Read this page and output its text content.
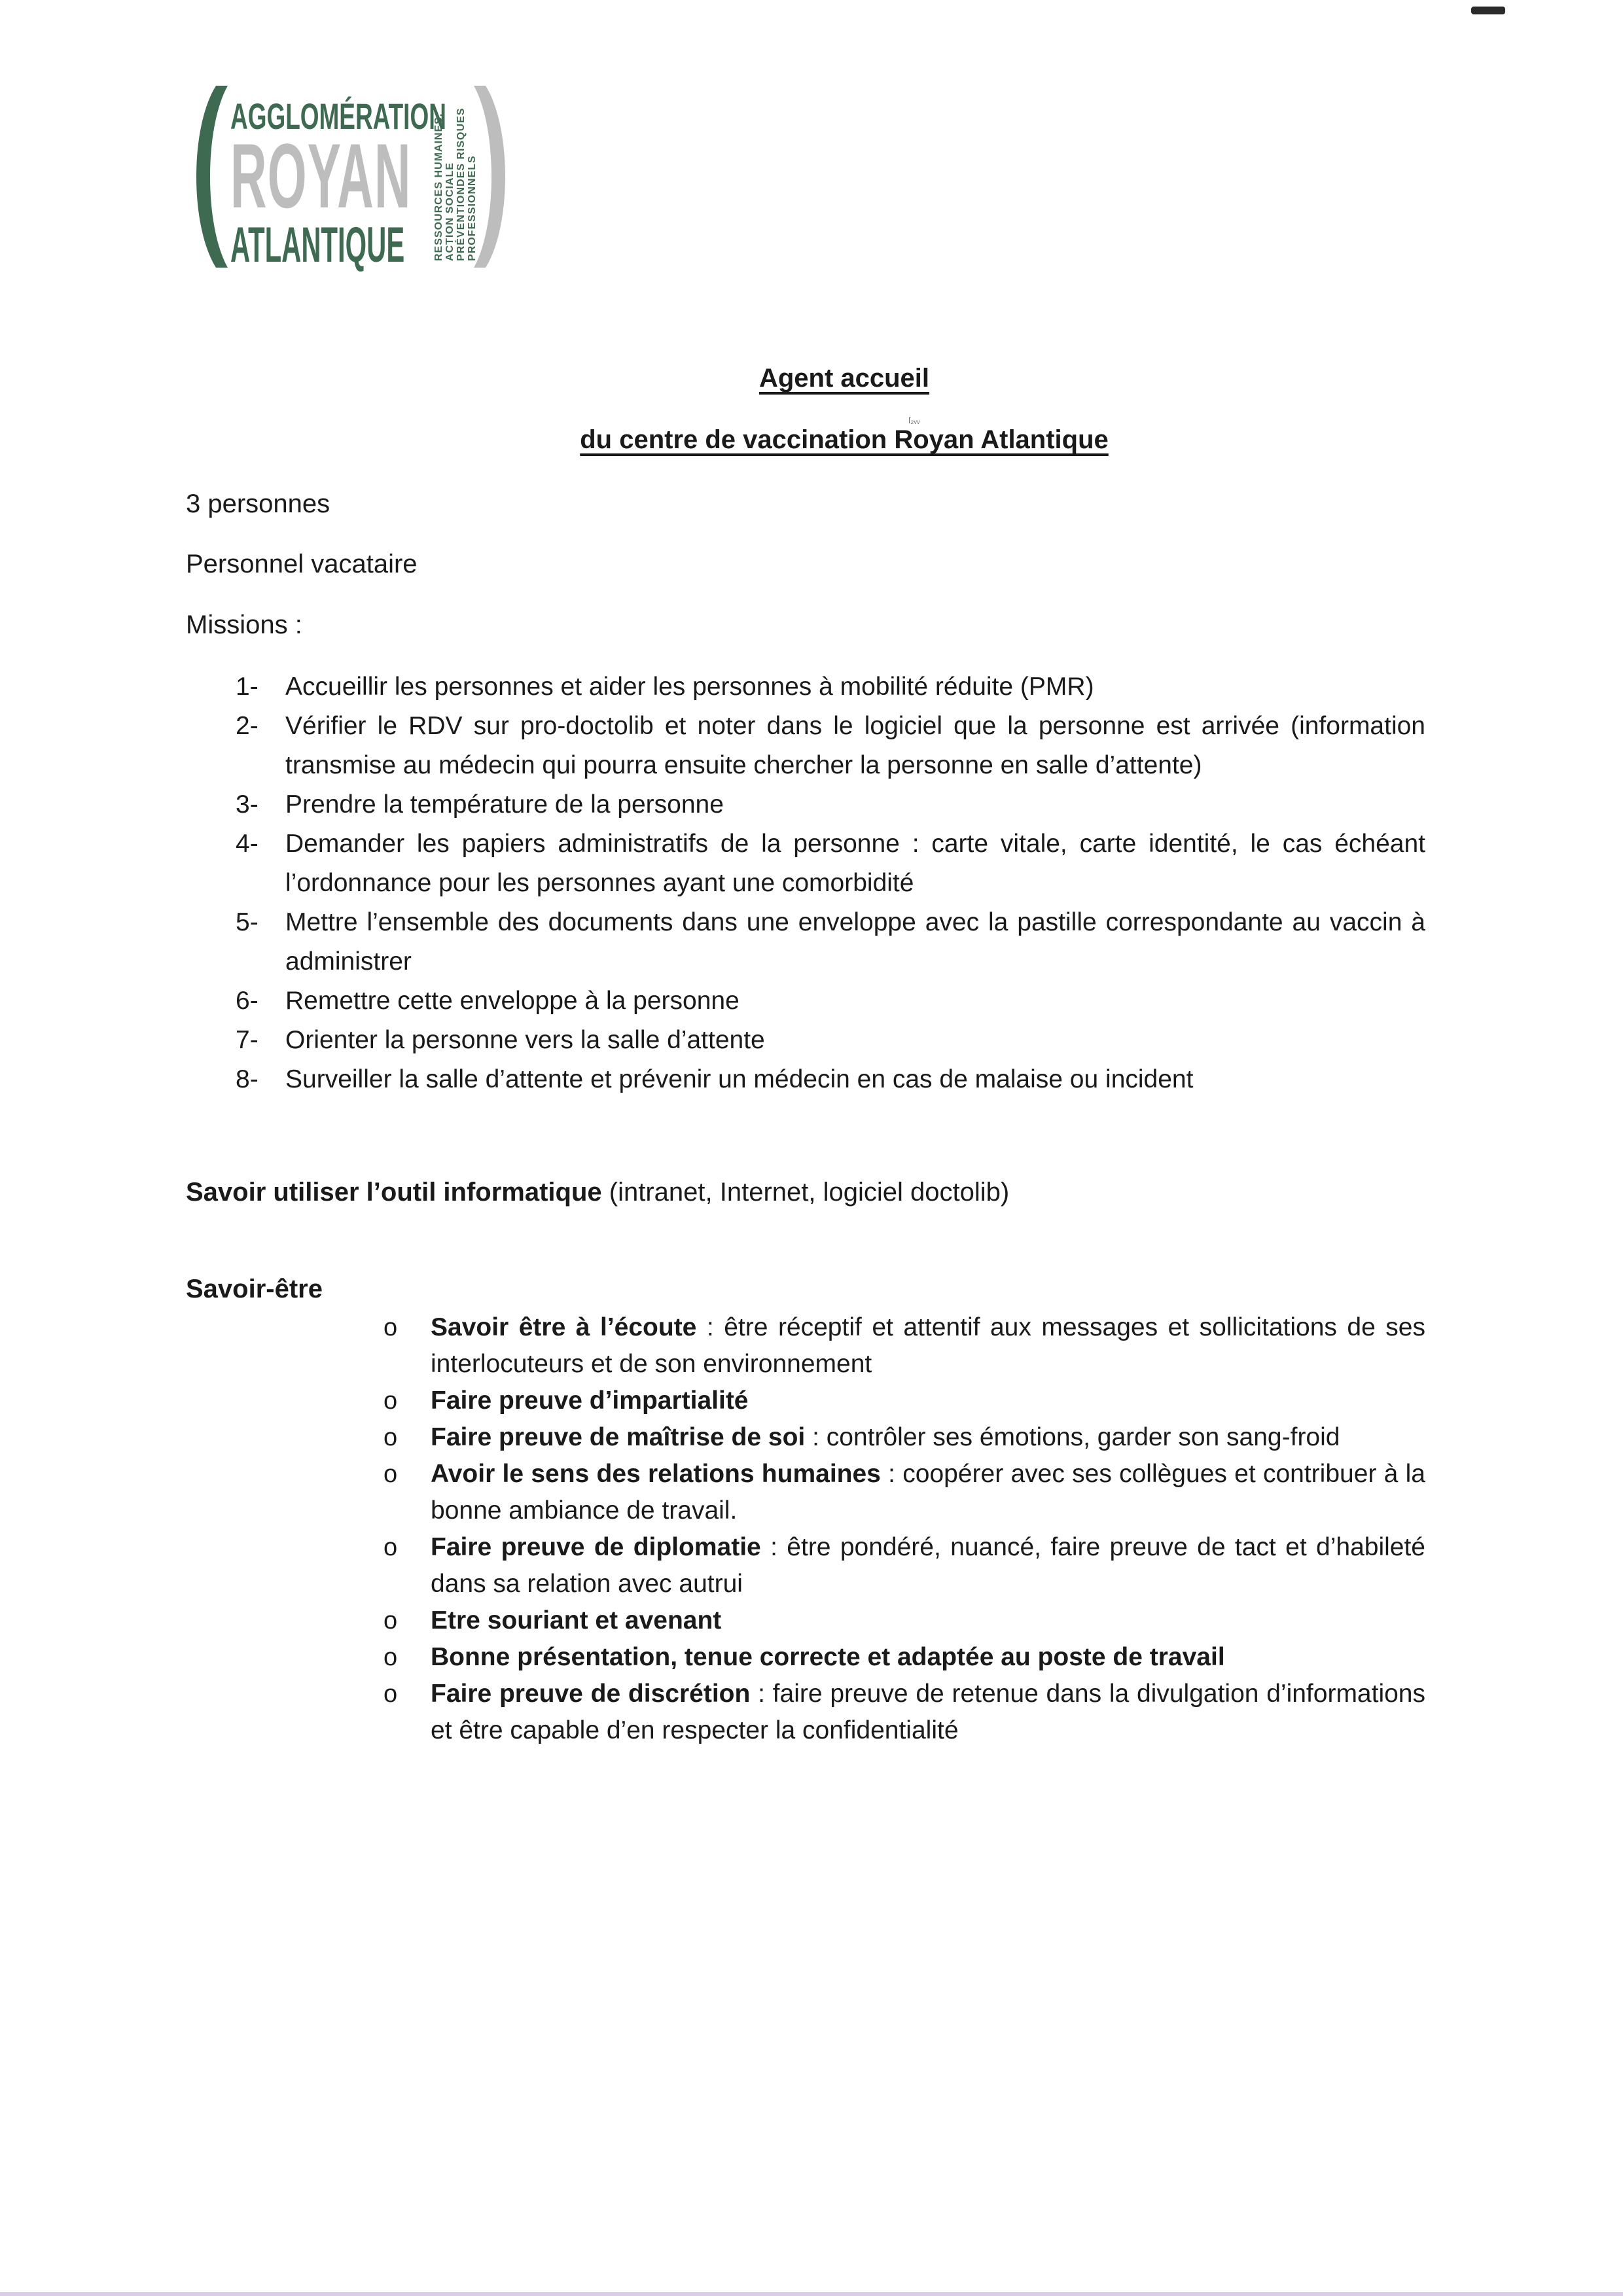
AGGLOMÉRATION
ROYAN
ATLANTIQUE	RESSOURCES HUMAINES, ACTION SOCIALE PRÉVENTIONDES RISQUES PROFESSIONNELS
Agent accueil
ſ₂ᵥᵥ
du centre de vaccination Royan Atlantique
3 personnes
Personnel vacataire
Missions :
1- Accueillir les personnes et aider les personnes à mobilité réduite (PMR)
2- Vérifier le RDV sur pro-doctolib et noter dans le logiciel que la personne est arrivée (information transmise au médecin qui pourra ensuite chercher la personne en salle d’attente)
3- Prendre la température de la personne
4- Demander les papiers administratifs de la personne : carte vitale, carte identité, le cas échéant l’ordonnance pour les personnes ayant une comorbidité
5- Mettre l’ensemble des documents dans une enveloppe avec la pastille correspondante au vaccin à administrer
6- Remettre cette enveloppe à la personne
7- Orienter la personne vers la salle d’attente
8- Surveiller la salle d’attente et prévenir un médecin en cas de malaise ou incident
Savoir utiliser l’outil informatique (intranet, Internet, logiciel doctolib)
Savoir-être
o Savoir être à l’écoute : être réceptif et attentif aux messages et sollicitations de ses interlocuteurs et de son environnement
o Faire preuve d’impartialité
o Faire preuve de maîtrise de soi : contrôler ses émotions, garder son sang-froid
o Avoir le sens des relations humaines : coopérer avec ses collègues et contribuer à la bonne ambiance de travail.
o Faire preuve de diplomatie : être pondéré, nuancé, faire preuve de tact et d’habileté dans sa relation avec autrui
o Etre souriant et avenant
o Bonne présentation, tenue correcte et adaptée au poste de travail
o Faire preuve de discrétion : faire preuve de retenue dans la divulgation d’informations et être capable d’en respecter la confidentialité
